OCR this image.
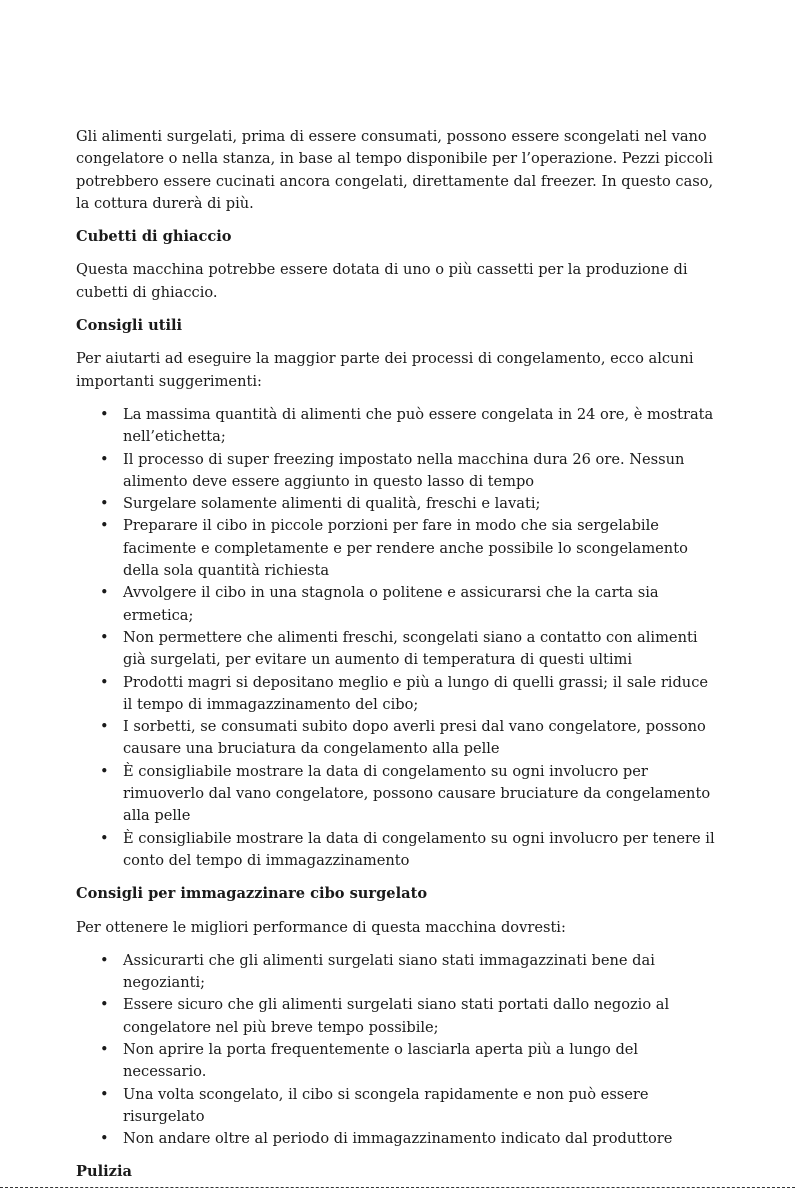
Gli alimenti surgelati, prima di essere consumati, possono essere scongelati nel vano congelatore o nella stanza, in base al tempo disponibile per l’operazione. Pezzi piccoli potrebbero essere cucinati ancora congelati, direttamente dal freezer. In questo caso, la cottura durerà di più.

Cubetti di ghiaccio

Questa macchina potrebbe essere dotata di uno o più cassetti per la produzione di cubetti di ghiaccio.

Consigli utili

Per aiutarti ad eseguire la maggior parte dei processi di congelamento, ecco alcuni importanti suggerimenti:

• La massima quantità di alimenti che può essere congelata in 24 ore, è mostrata nell’etichetta;
• Il processo di super freezing impostato nella macchina dura 26 ore. Nessun alimento deve essere aggiunto in questo lasso di tempo
• Surgelare solamente alimenti di qualità, freschi e lavati;
• Preparare il cibo in piccole porzioni per fare in modo che sia sergelabile facimente e completamente e per rendere anche possibile lo scongelamento della sola quantità richiesta
• Avvolgere il cibo in una stagnola o politene e assicurarsi che la carta sia ermetica;
• Non permettere che alimenti freschi, scongelati siano a contatto con alimenti già surgelati, per evitare un aumento di temperatura di questi ultimi
• Prodotti magri si depositano meglio e più a lungo di quelli grassi; il sale riduce il tempo di immagazzinamento del cibo;
• I sorbetti, se consumati subito dopo averli presi dal vano congelatore, possono causare una bruciatura da congelamento alla pelle
• È consigliabile mostrare la data di congelamento su ogni involucro per rimuoverlo dal vano congelatore, possono causare bruciature da congelamento alla pelle
• È consigliabile mostrare la data di congelamento su ogni involucro per tenere il conto del tempo di immagazzinamento
Consigli per immagazzinare cibo surgelato

Per ottenere le migliori performance di questa macchina dovresti:

• Assicurarti che gli alimenti surgelati siano stati immagazzinati bene dai negozianti;
• Essere sicuro che gli alimenti surgelati siano stati portati dallo negozio al congelatore nel più breve tempo possibile;
• Non aprire la porta frequentemente o lasciarla aperta più a lungo del necessario.
• Una volta scongelato, il cibo si scongela rapidamente e non può essere risurgelato
• Non andare oltre al periodo di immagazzinamento indicato dal produttore
Pulizia
